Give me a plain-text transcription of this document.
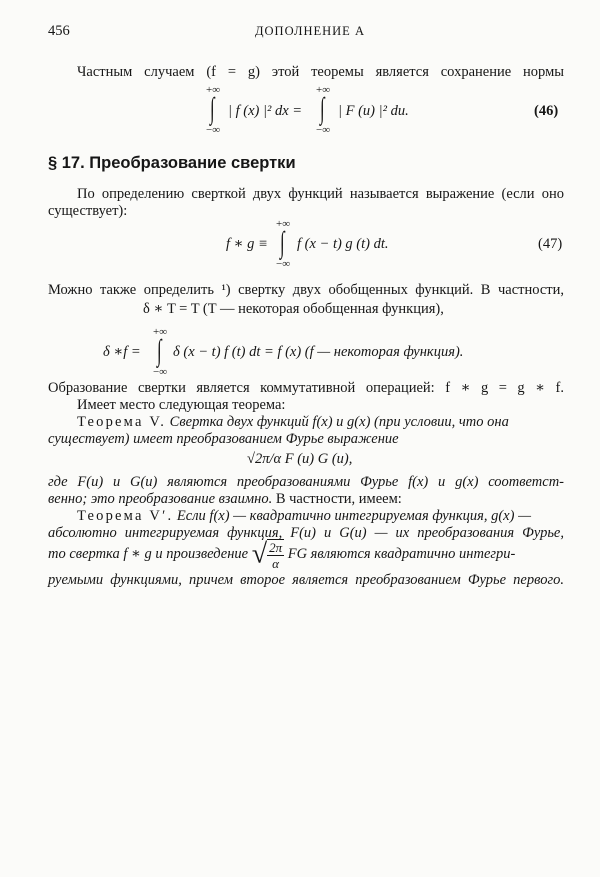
456	ДОПОЛНЕНИЕ А
Частным случаем (f = g) этой теоремы является сохранение нормы
+∞
∫
−∞
| f (x) |² dx =
+∞
∫
−∞
| F (u) |² du.	(46)
§ 17. Преобразование свертки
По определению сверткой двух функций называется выражение (если оно
существует):
f ∗ g ≡
+∞
∫
−∞
f (x − t) g (t) dt.	(47)
Можно также определить ¹) свертку двух обобщенных функций. В частности,
δ ∗ T = T (T — некоторая обобщенная функция),
δ ∗f =
+∞
∫
−∞
δ (x − t) f (t) dt = f (x) (f — некоторая функция).
Образование свертки является коммутативной операцией: f ∗ g = g ∗ f.
Имеет место следующая теорема:
Теорема V. Свертка двух функций f(x) и g(x) (при условии, что она
существует) имеет преобразованием Фурье выражение
√2π/α F (u) G (u),
где F(u) и G(u) являются преобразованиями Фурье f(x) и g(x) соответст-
венно; это преобразование взаимно. В частности, имеем:
Теорема V′. Если f(x) — квадратично интегрируемая функция, g(x) —
абсолютно интегрируемая функция, F(u) и G(u) — их преобразования Фурье,
то свертка f ∗ g и произведение √ $\frac{2\pi}{\alpha}$ FG являются квадратично интегри-
руемыми функциями, причем второе является преобразованием Фурье первого.
